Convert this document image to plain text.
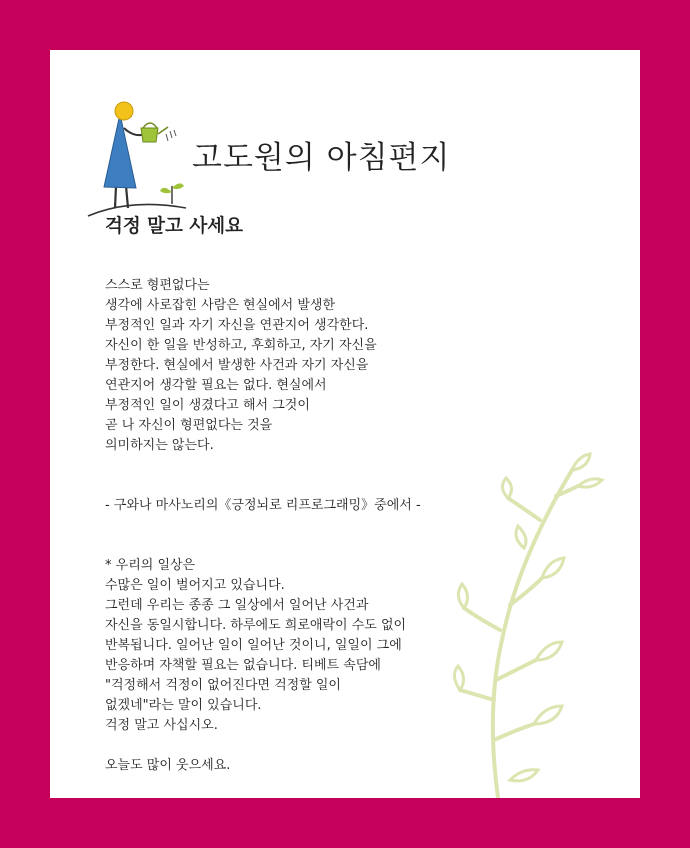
고도원의 아침편지
걱정 말고 사세요
스스로 형편없다는
생각에 사로잡힌 사람은 현실에서 발생한
부정적인 일과 자기 자신을 연관지어 생각한다.
자신이 한 일을 반성하고, 후회하고, 자기 자신을
부정한다. 현실에서 발생한 사건과 자기 자신을
연관지어 생각할 필요는 없다. 현실에서
부정적인 일이 생겼다고 해서 그것이
곧 나 자신이 형편없다는 것을
의미하지는 않는다.
- 구와나 마사노리의《긍정뇌로 리프로그래밍》중에서 -
* 우리의 일상은
수많은 일이 벌어지고 있습니다.
그런데 우리는 종종 그 일상에서 일어난 사건과
자신을 동일시합니다. 하루에도 희로애락이 수도 없이
반복됩니다. 일어난 일이 일어난 것이니, 일일이 그에
반응하며 자책할 필요는 없습니다. 티베트 속담에
"걱정해서 걱정이 없어진다면 걱정할 일이
없겠네"라는 말이 있습니다.
걱정 말고 사십시오.
오늘도 많이 웃으세요.
